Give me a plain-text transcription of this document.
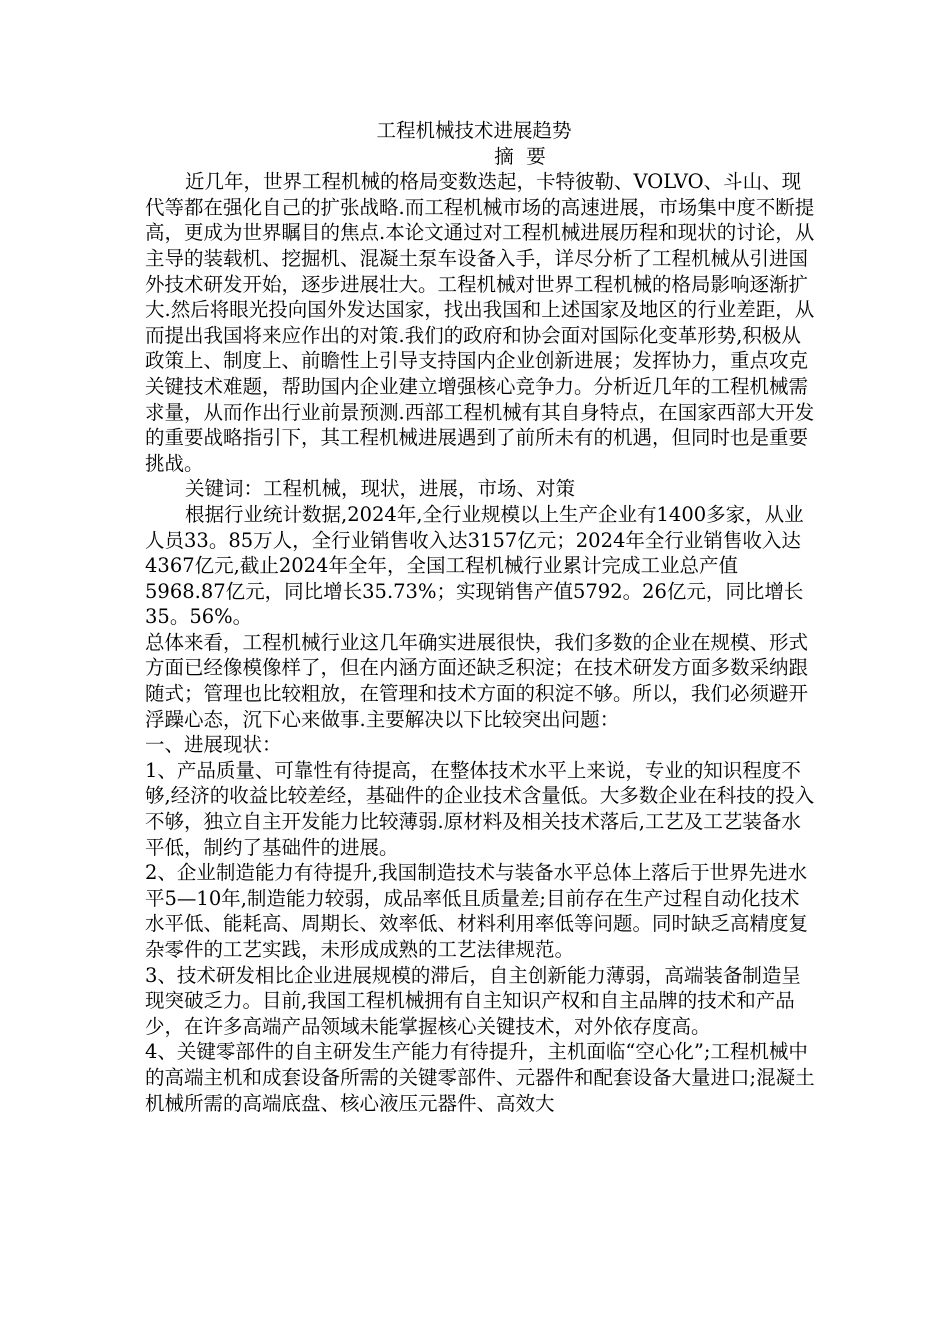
工程机械技术进展趋势
摘  要

近几年，世界工程机械的格局变数迭起，卡特彼勒、VOLVO、斗山、现代等都在强化自己的扩张战略.而工程机械市场的高速进展，市场集中度不断提高，更成为世界瞩目的焦点.本论文通过对工程机械进展历程和现状的讨论，从主导的装载机、挖掘机、混凝土泵车设备入手，详尽分析了工程机械从引进国外技术研发开始，逐步进展壮大。工程机械对世界工程机械的格局影响逐渐扩大.然后将眼光投向国外发达国家，找出我国和上述国家及地区的行业差距，从而提出我国将来应作出的对策.我们的政府和协会面对国际化变革形势,积极从政策上、制度上、前瞻性上引导支持国内企业创新进展；发挥协力，重点攻克关键技术难题，帮助国内企业建立增强核心竞争力。分析近几年的工程机械需求量，从而作出行业前景预测.西部工程机械有其自身特点，在国家西部大开发的重要战略指引下，其工程机械进展遇到了前所未有的机遇，但同时也是重要挑战。

关键词：工程机械，现状，进展，市场、对策

根据行业统计数据,2024年,全行业规模以上生产企业有1400多家，从业人员33。85万人，全行业销售收入达3157亿元；2024年全行业销售收入达4367亿元,截止2024年全年，全国工程机械行业累计完成工业总产值5968.87亿元，同比增长35.73%；实现销售产值5792。26亿元，同比增长35。56%。

总体来看，工程机械行业这几年确实进展很快，我们多数的企业在规模、形式方面已经像模像样了，但在内涵方面还缺乏积淀；在技术研发方面多数采纳跟随式；管理也比较粗放，在管理和技术方面的积淀不够。所以，我们必须避开浮躁心态，沉下心来做事.主要解决以下比较突出问题：

一、进展现状：

1、产品质量、可靠性有待提高，在整体技术水平上来说，专业的知识程度不够,经济的收益比较差经，基础件的企业技术含量低。大多数企业在科技的投入不够，独立自主开发能力比较薄弱.原材料及相关技术落后,工艺及工艺装备水平低，制约了基础件的进展。

2、企业制造能力有待提升,我国制造技术与装备水平总体上落后于世界先进水平5—10年,制造能力较弱，成品率低且质量差;目前存在生产过程自动化技术水平低、能耗高、周期长、效率低、材料利用率低等问题。同时缺乏高精度复杂零件的工艺实践，未形成成熟的工艺法律规范。

3、技术研发相比企业进展规模的滞后，自主创新能力薄弱，高端装备制造呈现突破乏力。目前,我国工程机械拥有自主知识产权和自主品牌的技术和产品少，在许多高端产品领域未能掌握核心关键技术，对外依存度高。

4、关键零部件的自主研发生产能力有待提升，主机面临“空心化”;工程机械中的高端主机和成套设备所需的关键零部件、元器件和配套设备大量进口;混凝土机械所需的高端底盘、核心液压元器件、高效大
